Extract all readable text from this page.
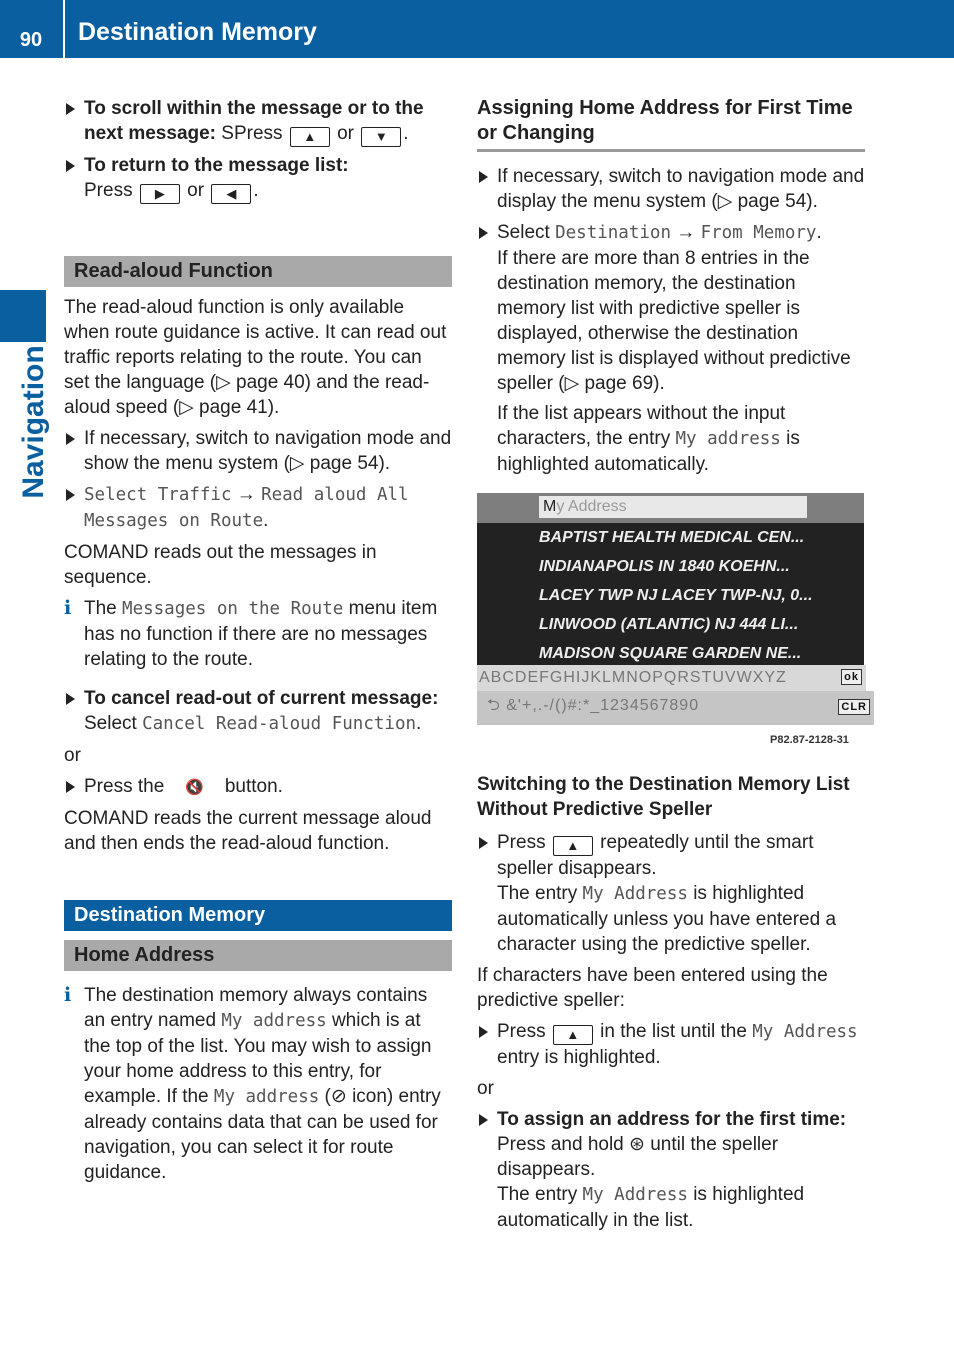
90	Destination Memory
Navigation
To scroll within the message or to the next message: SPress ▲ or ▼ .
To return to the message list:
Press ▶ or ◀ .
Read-aloud Function

The read-aloud function is only available when route guidance is active. It can read out traffic reports relating to the route. You can set the language (▷ page 40) and the read-aloud speed (▷ page 41).

If necessary, switch to navigation mode and show the menu system (▷ page 54).
Select Traffic → Read aloud All Messages on Route.

COMAND reads out the messages in sequence.

i The Messages on the Route menu item has no function if there are no messages relating to the route.
To cancel read-out of current message:
Select Cancel Read-aloud Function.

or

Press the 🔇 button.

COMAND reads the current message aloud and then ends the read-aloud function.

Destination Memory
Home Address
i The destination memory always contains an entry named My address which is at the top of the list. You may wish to assign your home address to this entry, for example. If the My address (⊘ icon) entry already contains data that can be used for navigation, you can select it for route guidance.
Assigning Home Address for First Time or Changing
If necessary, switch to navigation mode and display the menu system (▷ page 54).
Select Destination → From Memory.
If there are more than 8 entries in the destination memory, the destination memory list with predictive speller is displayed, otherwise the destination memory list is displayed without predictive speller (▷ page 69).
If the list appears without the input characters, the entry My address is highlighted automatically.
My Address
BAPTIST HEALTH MEDICAL CEN...
INDIANAPOLIS IN 1840 KOEHN...
LACEY TWP NJ LACEY TWP-NJ, 0...
LINWOOD (ATLANTIC) NJ 444 LI...
MADISON SQUARE GARDEN NE...
ABCDEFGHIJKLMNOPQRSTUVWXYZ	ok
⮌ &'+,.-/()#:*_1234567890	CLR
P82.87-2128-31
Switching to the Destination Memory List Without Predictive Speller
Press ▲ repeatedly until the smart speller disappears.
The entry My Address is highlighted automatically unless you have entered a character using the predictive speller.

If characters have been entered using the predictive speller:

Press ▲ in the list until the My Address entry is highlighted.

or

To assign an address for the first time:
Press and hold ⊛ until the speller disappears.
The entry My Address is highlighted automatically in the list.
